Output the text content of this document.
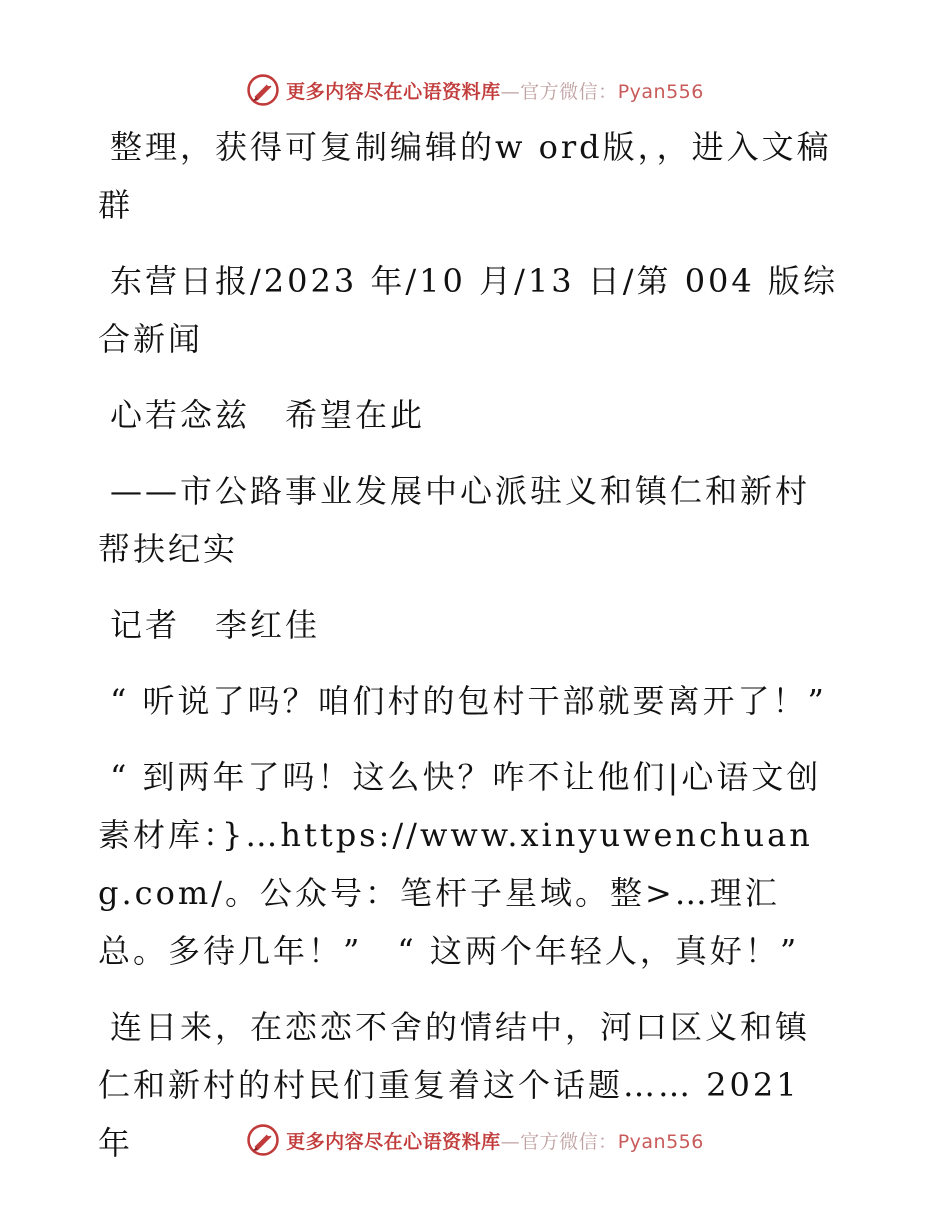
更多内容尽在心语资料库—官方微信：Pyan556

整理，获得可复制编辑的w ord版，，进入文稿群

东营日报/2023 年/10 月/13 日/第 004 版综合新闻

心若念兹　希望在此

——市公路事业发展中心派驻义和镇仁和新村帮扶纪实

记者　李红佳

“ 听说了吗？咱们村的包村干部就要离开了！”

“ 到两年了吗！这么快？咋不让他们|心语文创素材库：}…https://www.xinyuwenchuang.com/。公众号：笔杆子星域。整>…理汇总。多待几年！”　“ 这两个年轻人，真好！”

连日来，在恋恋不舍的情结中，河口区义和镇仁和新村的村民们重复着这个话题…… 2021 年	更多内容尽在心语资料库—官方微信：Pyan556
